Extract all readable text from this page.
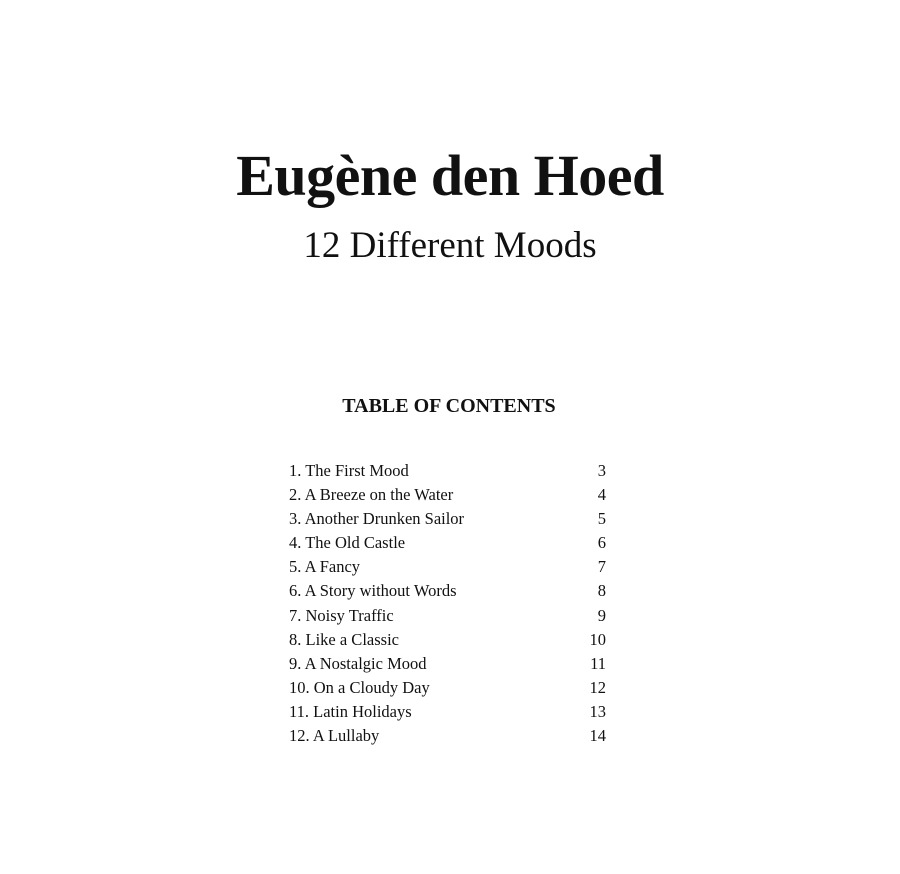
Eugène den Hoed
12 Different Moods
TABLE OF CONTENTS
1. The First Mood	3
2. A Breeze on the Water	4
3. Another Drunken Sailor	5
4. The Old Castle	6
5. A Fancy	7
6. A Story without Words	8
7. Noisy Traffic	9
8. Like a Classic	10
9. A Nostalgic Mood	11
10. On a Cloudy Day	12
11. Latin Holidays	13
12. A Lullaby	14
